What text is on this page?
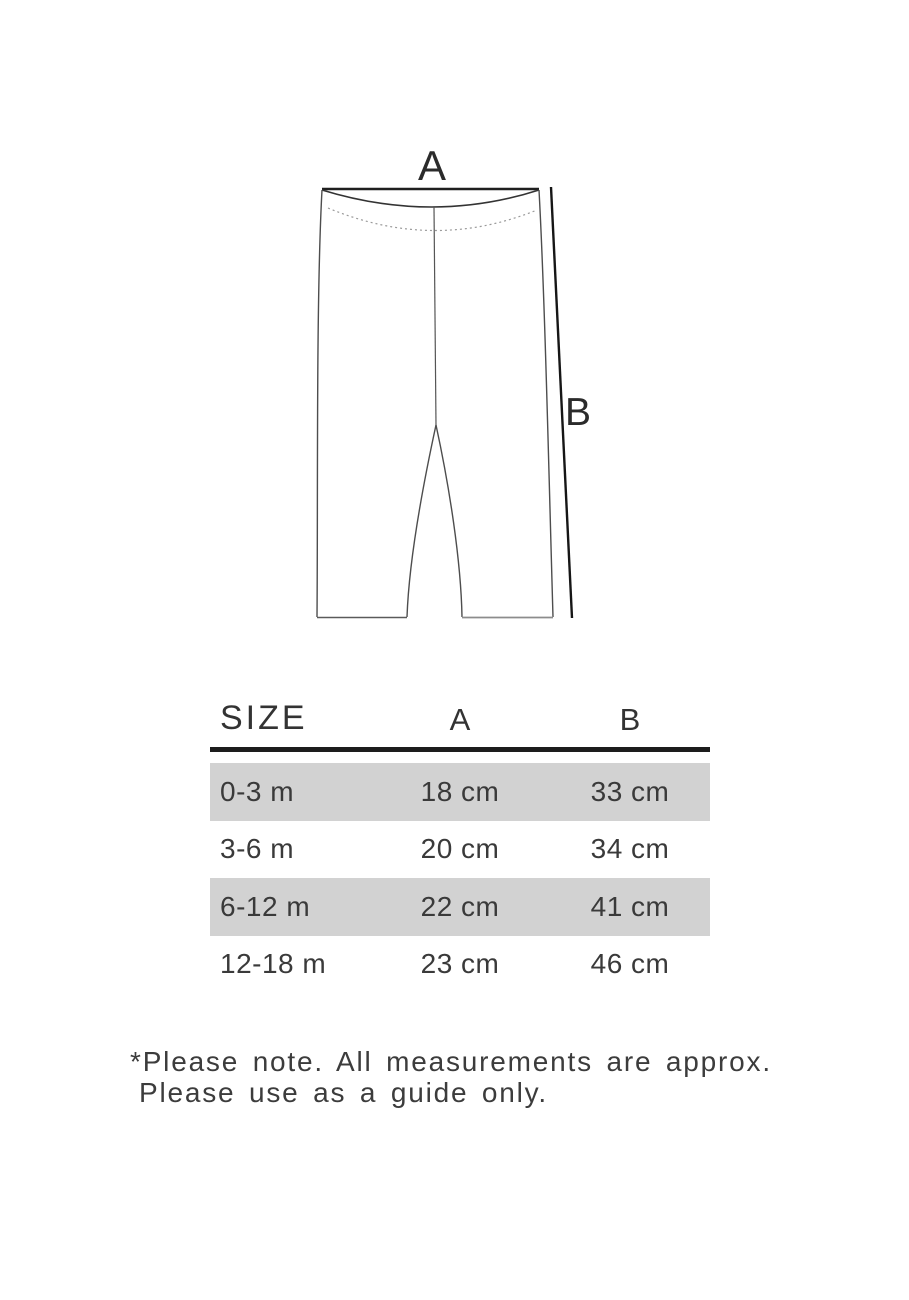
A
B
SIZE	A	B
0-3 m	18 cm	33 cm
3-6 m	20 cm	34 cm
6-12 m	22 cm	41 cm
12-18 m	23 cm	46 cm
*Please note. All measurements are approx.
Please use as a guide only.
